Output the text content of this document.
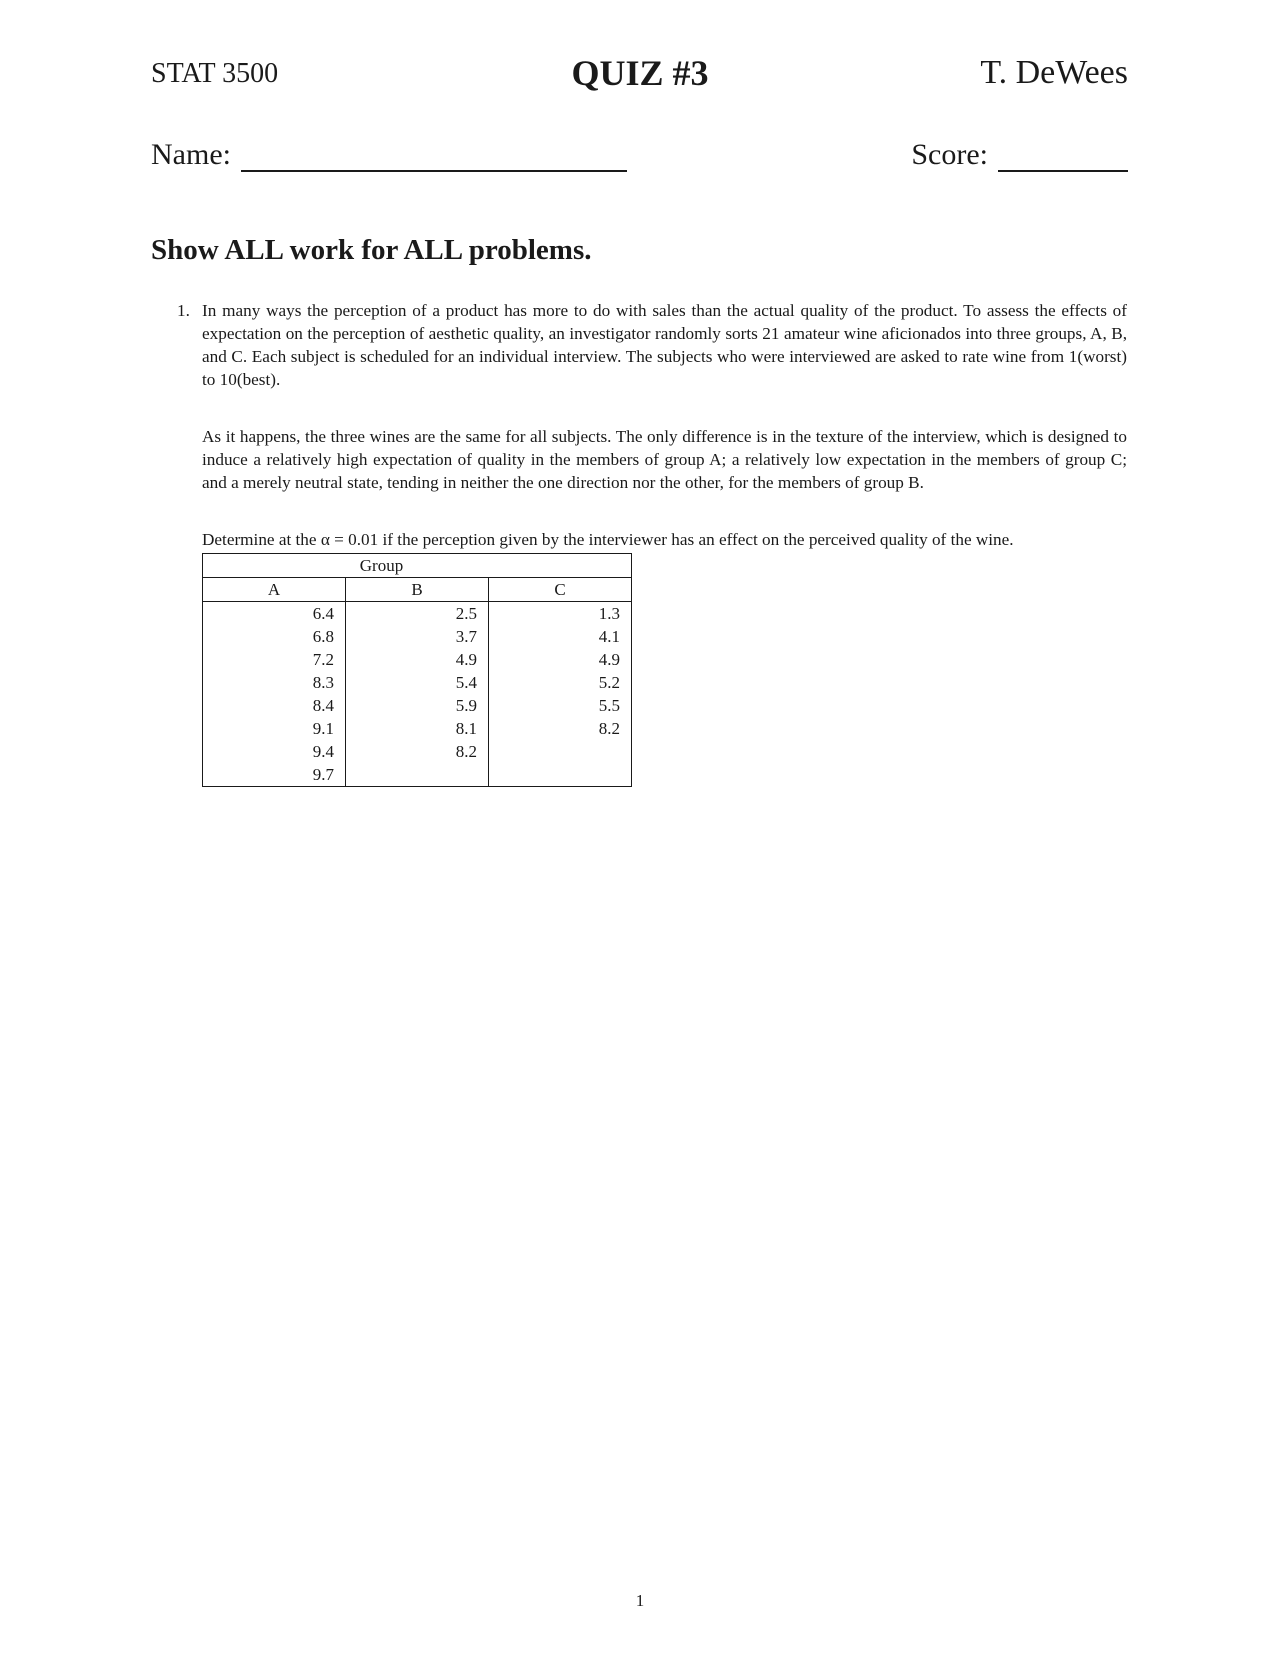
STAT 3500	QUIZ #3	T. DeWees
Name:	Score:
Show ALL work for ALL problems.
1. In many ways the perception of a product has more to do with sales than the actual quality of the product. To assess the effects of expectation on the perception of aesthetic quality, an investigator randomly sorts 21 amateur wine aficionados into three groups, A, B, and C. Each subject is scheduled for an individual interview. The subjects who were interviewed are asked to rate wine from 1(worst) to 10(best).

As it happens, the three wines are the same for all subjects. The only difference is in the texture of the interview, which is designed to induce a relatively high expectation of quality in the members of group A; a relatively low expectation in the members of group C; and a merely neutral state, tending in neither the one direction nor the other, for the members of group B.

Determine at the α = 0.01 if the perception given by the interviewer has an effect on the perceived quality of the wine.

Group		
A	B	C
6.4	2.5	1.3
6.8	3.7	4.1
7.2	4.9	4.9
8.3	5.4	5.2
8.4	5.9	5.5
9.1	8.1	8.2
9.4	8.2	
9.7		
1
